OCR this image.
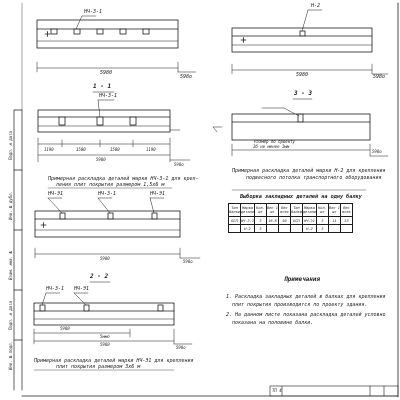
НЧ-3-1
Н-2
5980
598о	5980	598о
1 - 1
НЧ-3-1
1190	1500	1500	1190
5980
598о
Примерная раскладка деталей марки НЧ-3-1 для креп-
ления плит покрытия размером 1,5х6 м
3 - 3
Размер по проекту
3б не менее 1мм
598о
Примерная раскладка деталей марки Н-2 для крепления
подвесного потолка транспортного оборудования
Выборка закладных деталей на одну балку
Тип балки	Марка детали	Кол. шт	Вес 1 шт	Вес всех	Тип балки	Марка детали	Кол. шт	Вес 1 шт	Вес всех
БСП	НЧ-3-1	3	16.8	50	БСП	НЧ-Э1	3	11	33
	Н-2	3				Н-2	3		
НЧ-Э1	НЧ-3-1	НЧ-Э1
5980
598о
Примечания
1. Раскладка закладных деталей в балках для крепления
плит покрытия производится по проекту здания.
2. На данном листе показана раскладка деталей условно
показана на половине балки.
2 - 2
НЧ-3-1 НЧ-Э1
5980
5ммо
5980
598о
Примерная раскладка деталей марки НЧ-Э1 для крепления
плит покрытия размером 3х6 м
Инв. № подл.
Подп. и дата
Взам. инв. №
Инв. № дубл.
Подп. и дата
ТП 4
